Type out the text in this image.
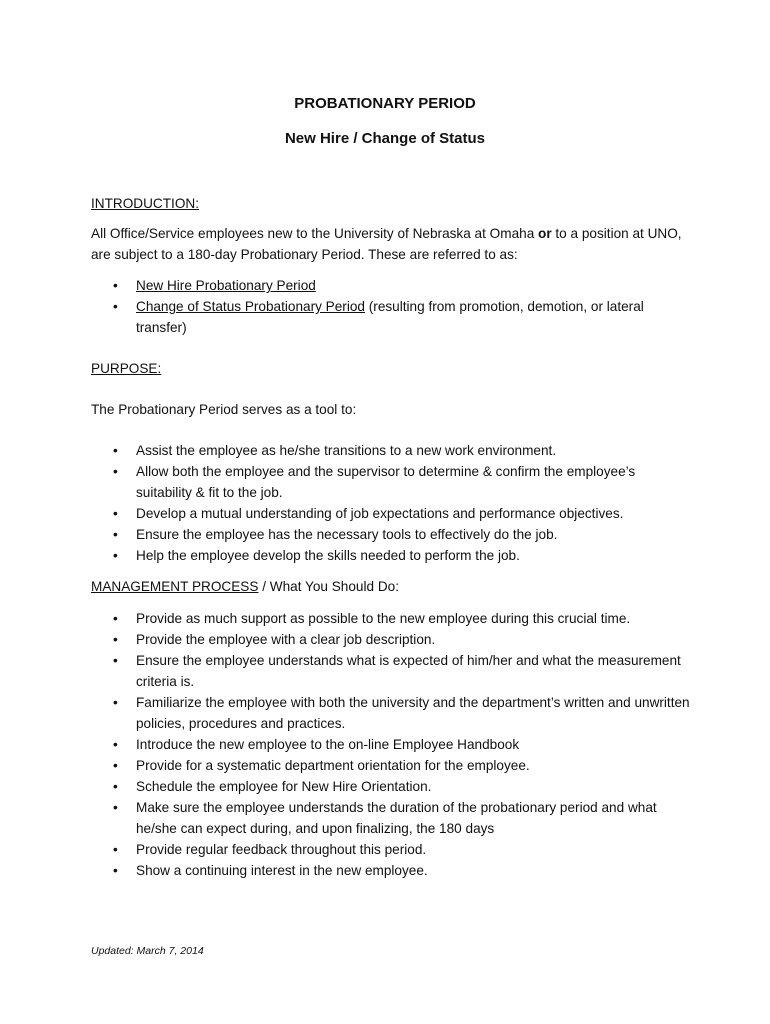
PROBATIONARY PERIOD
New Hire / Change of Status
INTRODUCTION:
All Office/Service employees new to the University of Nebraska at Omaha or to a position at UNO, are subject to a 180-day Probationary Period. These are referred to as:
• New Hire Probationary Period
• Change of Status Probationary Period (resulting from promotion, demotion, or lateral transfer)
PURPOSE:
The Probationary Period serves as a tool to:
• Assist the employee as he/she transitions to a new work environment.
• Allow both the employee and the supervisor to determine & confirm the employee’s suitability & fit to the job.
• Develop a mutual understanding of job expectations and performance objectives.
• Ensure the employee has the necessary tools to effectively do the job.
• Help the employee develop the skills needed to perform the job.
MANAGEMENT PROCESS / What You Should Do:
• Provide as much support as possible to the new employee during this crucial time.
• Provide the employee with a clear job description.
• Ensure the employee understands what is expected of him/her and what the measurement criteria is.
• Familiarize the employee with both the university and the department’s written and unwritten policies, procedures and practices.
• Introduce the new employee to the on-line Employee Handbook
• Provide for a systematic department orientation for the employee.
• Schedule the employee for New Hire Orientation.
• Make sure the employee understands the duration of the probationary period and what he/she can expect during, and upon finalizing, the 180 days
• Provide regular feedback throughout this period.
• Show a continuing interest in the new employee.
Updated: March 7, 2014
